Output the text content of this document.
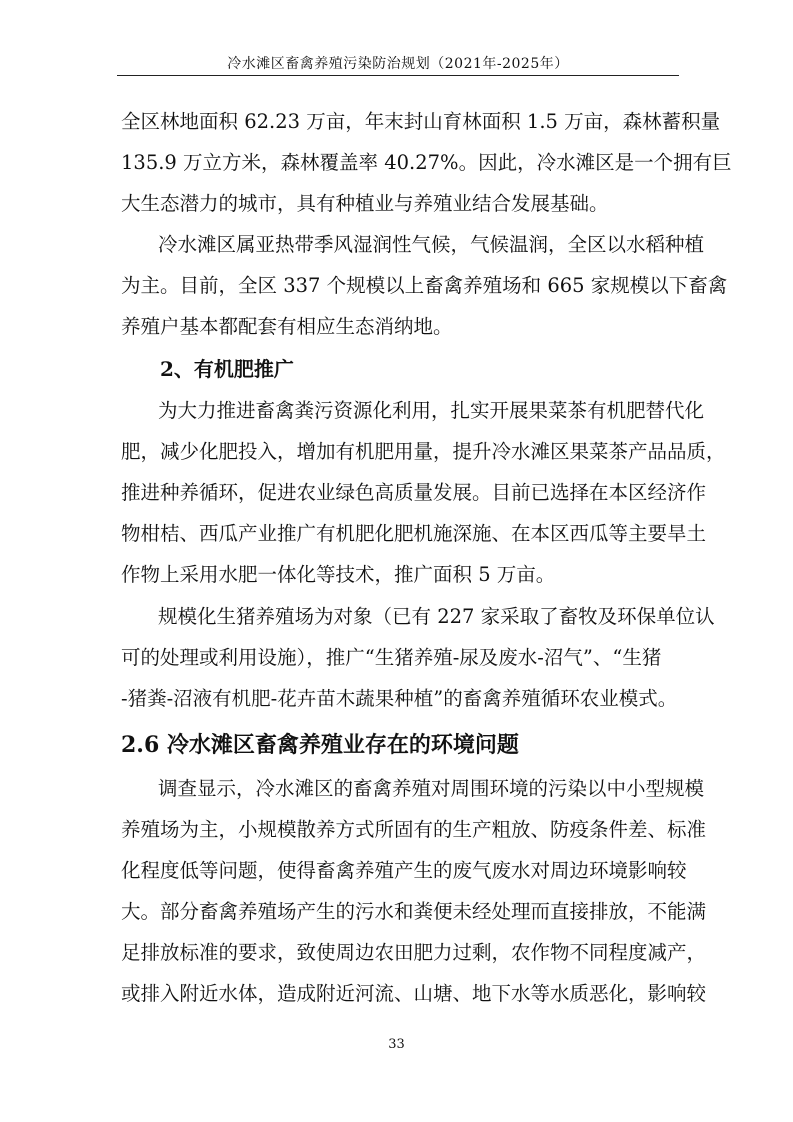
冷水滩区畜禽养殖污染防治规划（2021年-2025年）
全区林地面积 62.23 万亩，年末封山育林面积 1.5 万亩，森林蓄积量
135.9 万立方米，森林覆盖率 40.27%。因此，冷水滩区是一个拥有巨
大生态潜力的城市，具有种植业与养殖业结合发展基础。
冷水滩区属亚热带季风湿润性气候，气候温润，全区以水稻种植
为主。目前，全区 337 个规模以上畜禽养殖场和 665 家规模以下畜禽
养殖户基本都配套有相应生态消纳地。
2、有机肥推广
为大力推进畜禽粪污资源化利用，扎实开展果菜茶有机肥替代化
肥，减少化肥投入，增加有机肥用量，提升冷水滩区果菜茶产品品质，
推进种养循环，促进农业绿色高质量发展。目前已选择在本区经济作
物柑桔、西瓜产业推广有机肥化肥机施深施、在本区西瓜等主要旱土
作物上采用水肥一体化等技术，推广面积 5 万亩。
规模化生猪养殖场为对象（已有 227 家采取了畜牧及环保单位认
可的处理或利用设施），推广“生猪养殖-尿及废水-沼气”、“生猪
-猪粪-沼液有机肥-花卉苗木蔬果种植”的畜禽养殖循环农业模式。
2.6 冷水滩区畜禽养殖业存在的环境问题
调查显示，冷水滩区的畜禽养殖对周围环境的污染以中小型规模
养殖场为主，小规模散养方式所固有的生产粗放、防疫条件差、标准
化程度低等问题，使得畜禽养殖产生的废气废水对周边环境影响较
大。部分畜禽养殖场产生的污水和粪便未经处理而直接排放，不能满
足排放标准的要求，致使周边农田肥力过剩，农作物不同程度减产，
或排入附近水体，造成附近河流、山塘、地下水等水质恶化，影响较
33
